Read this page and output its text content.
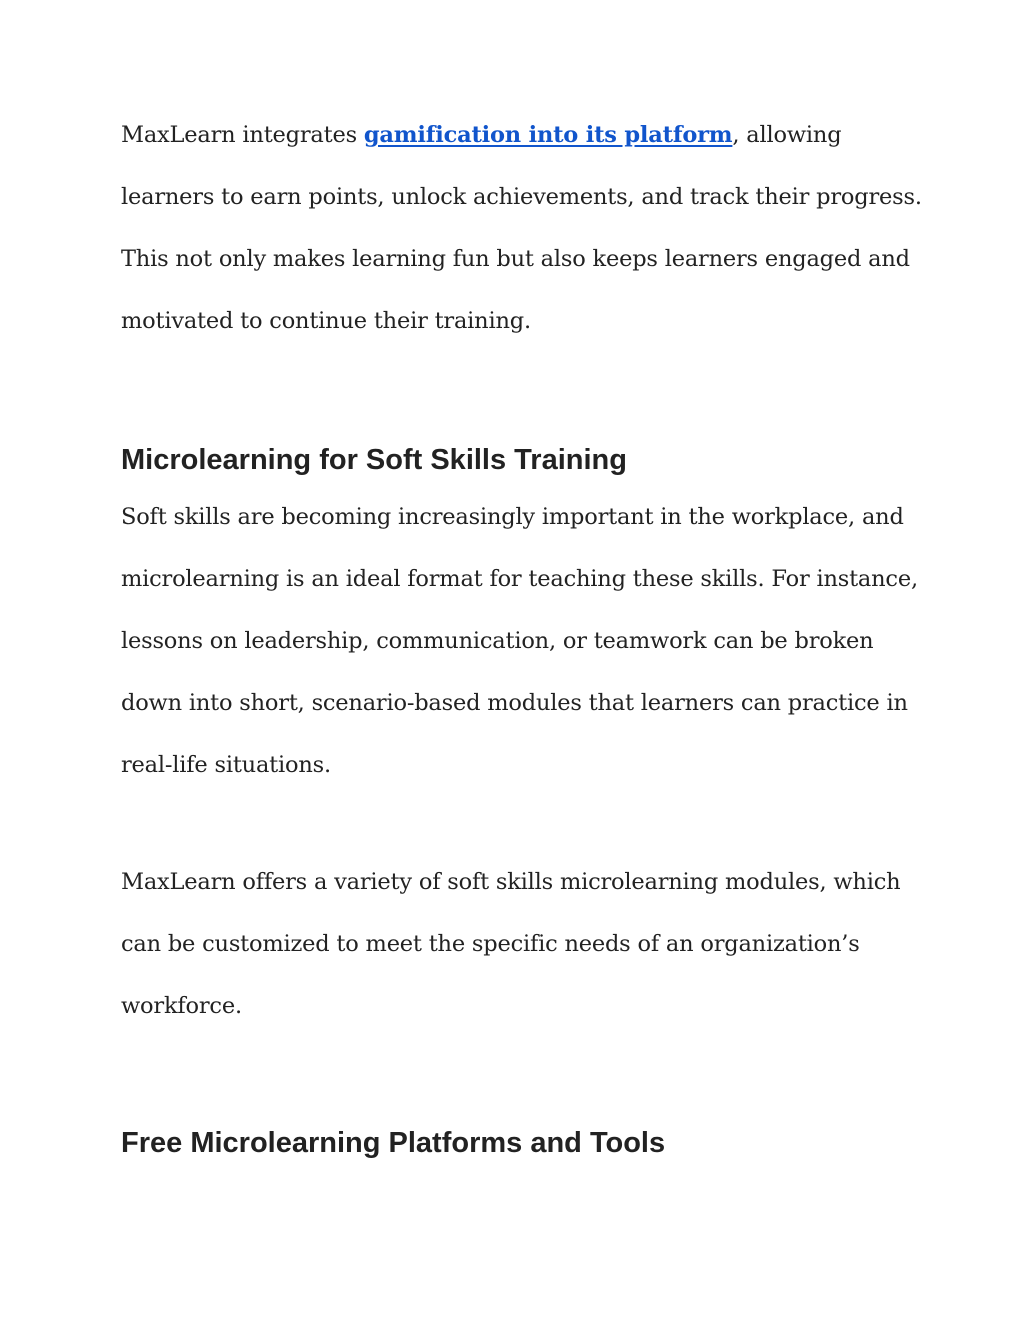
MaxLearn integrates gamification into its platform, allowing
learners to earn points, unlock achievements, and track their progress.
This not only makes learning fun but also keeps learners engaged and
motivated to continue their training.

Microlearning for Soft Skills Training

Soft skills are becoming increasingly important in the workplace, and
microlearning is an ideal format for teaching these skills. For instance,
lessons on leadership, communication, or teamwork can be broken
down into short, scenario-based modules that learners can practice in
real-life situations.

MaxLearn offers a variety of soft skills microlearning modules, which
can be customized to meet the specific needs of an organization’s
workforce.

Free Microlearning Platforms and Tools
